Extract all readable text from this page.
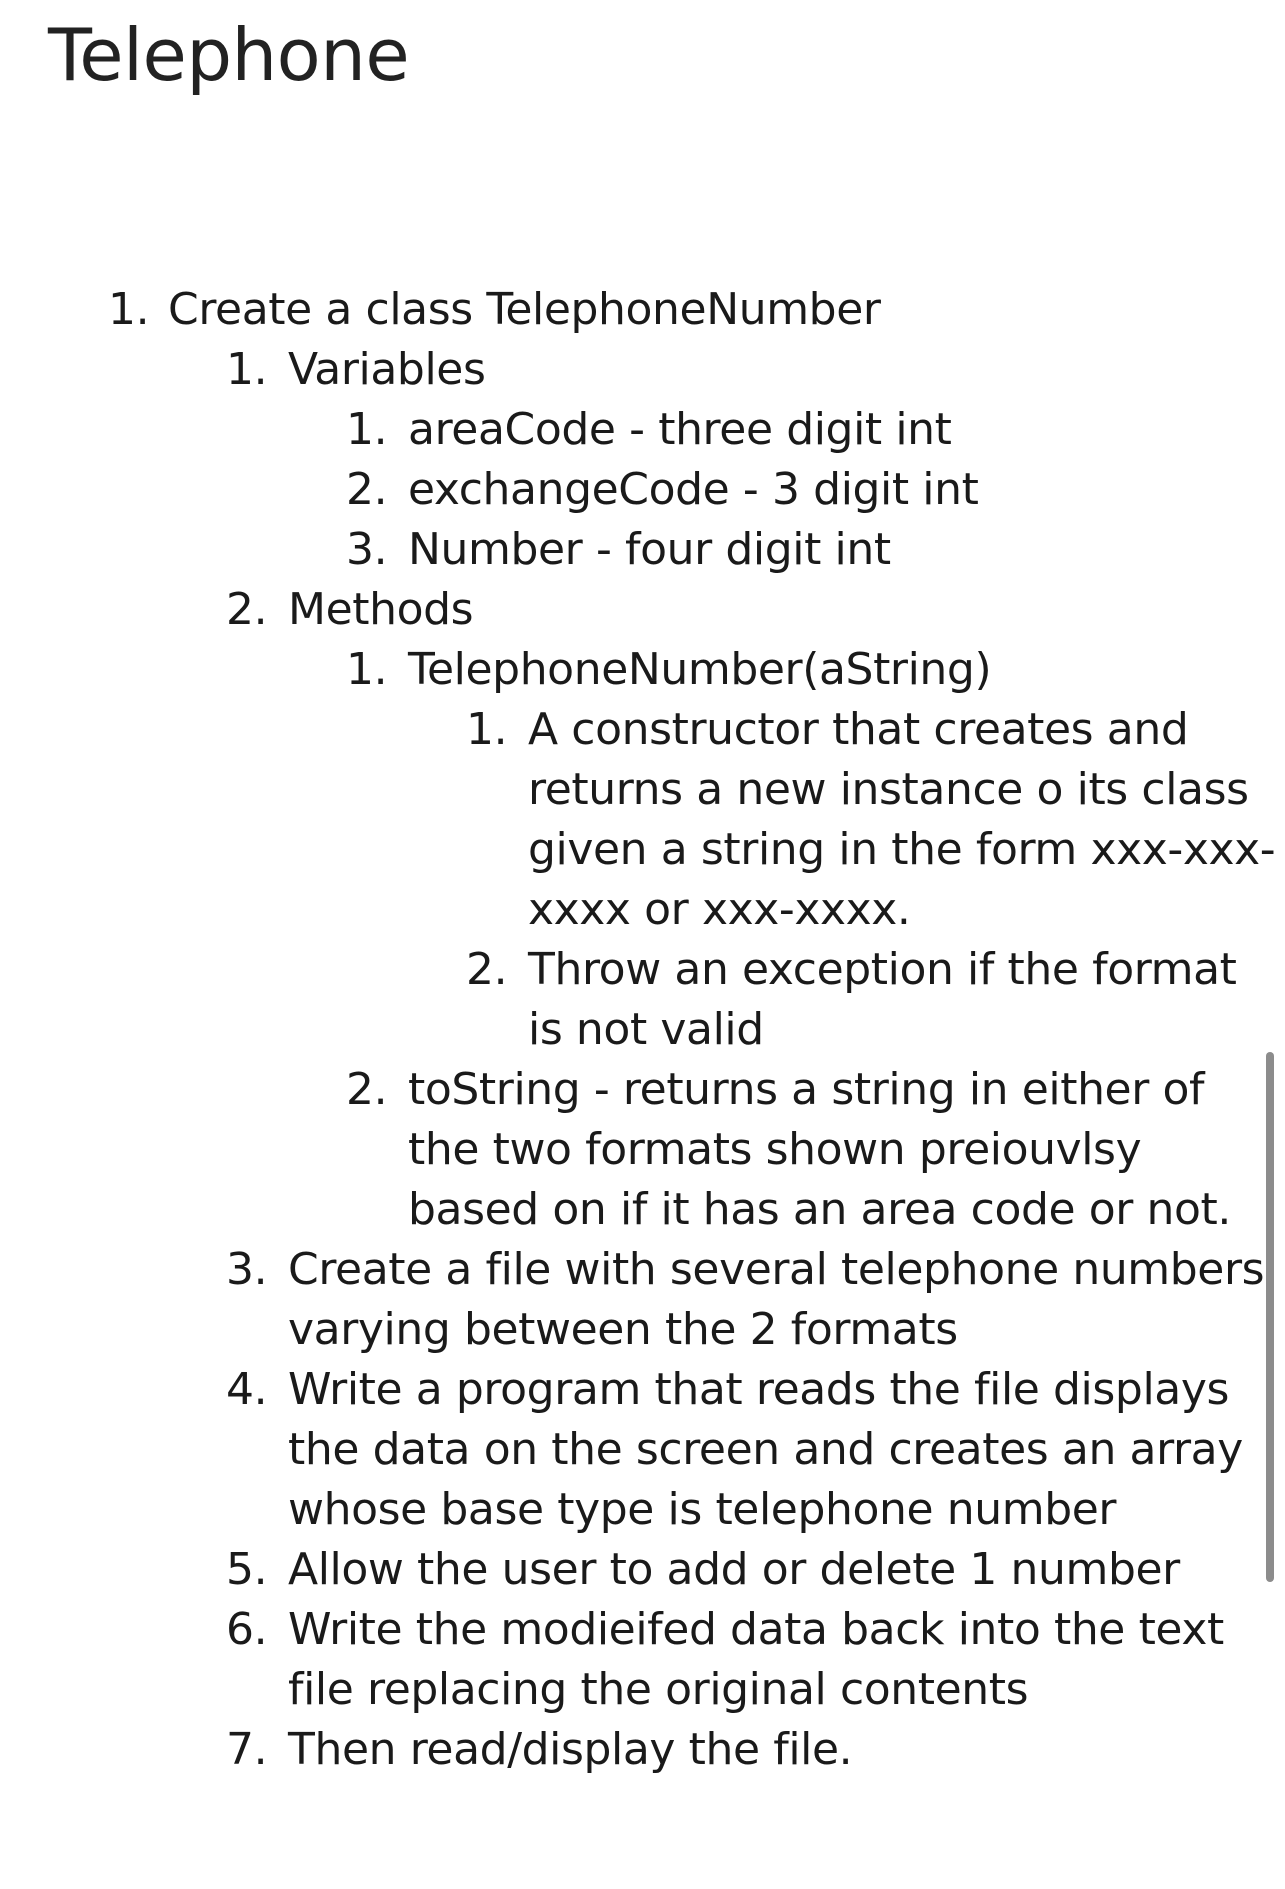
Telephone
1. Create a class TelephoneNumber
1. Variables
1. areaCode - three digit int
2. exchangeCode - 3 digit int
3. Number - four digit int
2. Methods
1. TelephoneNumber(aString)
1. A constructor that creates and
returns a new instance o its class
given a string in the form xxx-xxx-
xxxx or xxx-xxxx.
2. Throw an exception if the format
is not valid
2. toString - returns a string in either of
the two formats shown preiouvlsy
based on if it has an area code or not.
3. Create a file with several telephone numbers
varying between the 2 formats
4. Write a program that reads the file displays
the data on the screen and creates an array
whose base type is telephone number
5. Allow the user to add or delete 1 number
6. Write the modieifed data back into the text
file replacing the original contents
7. Then read/display the file.
